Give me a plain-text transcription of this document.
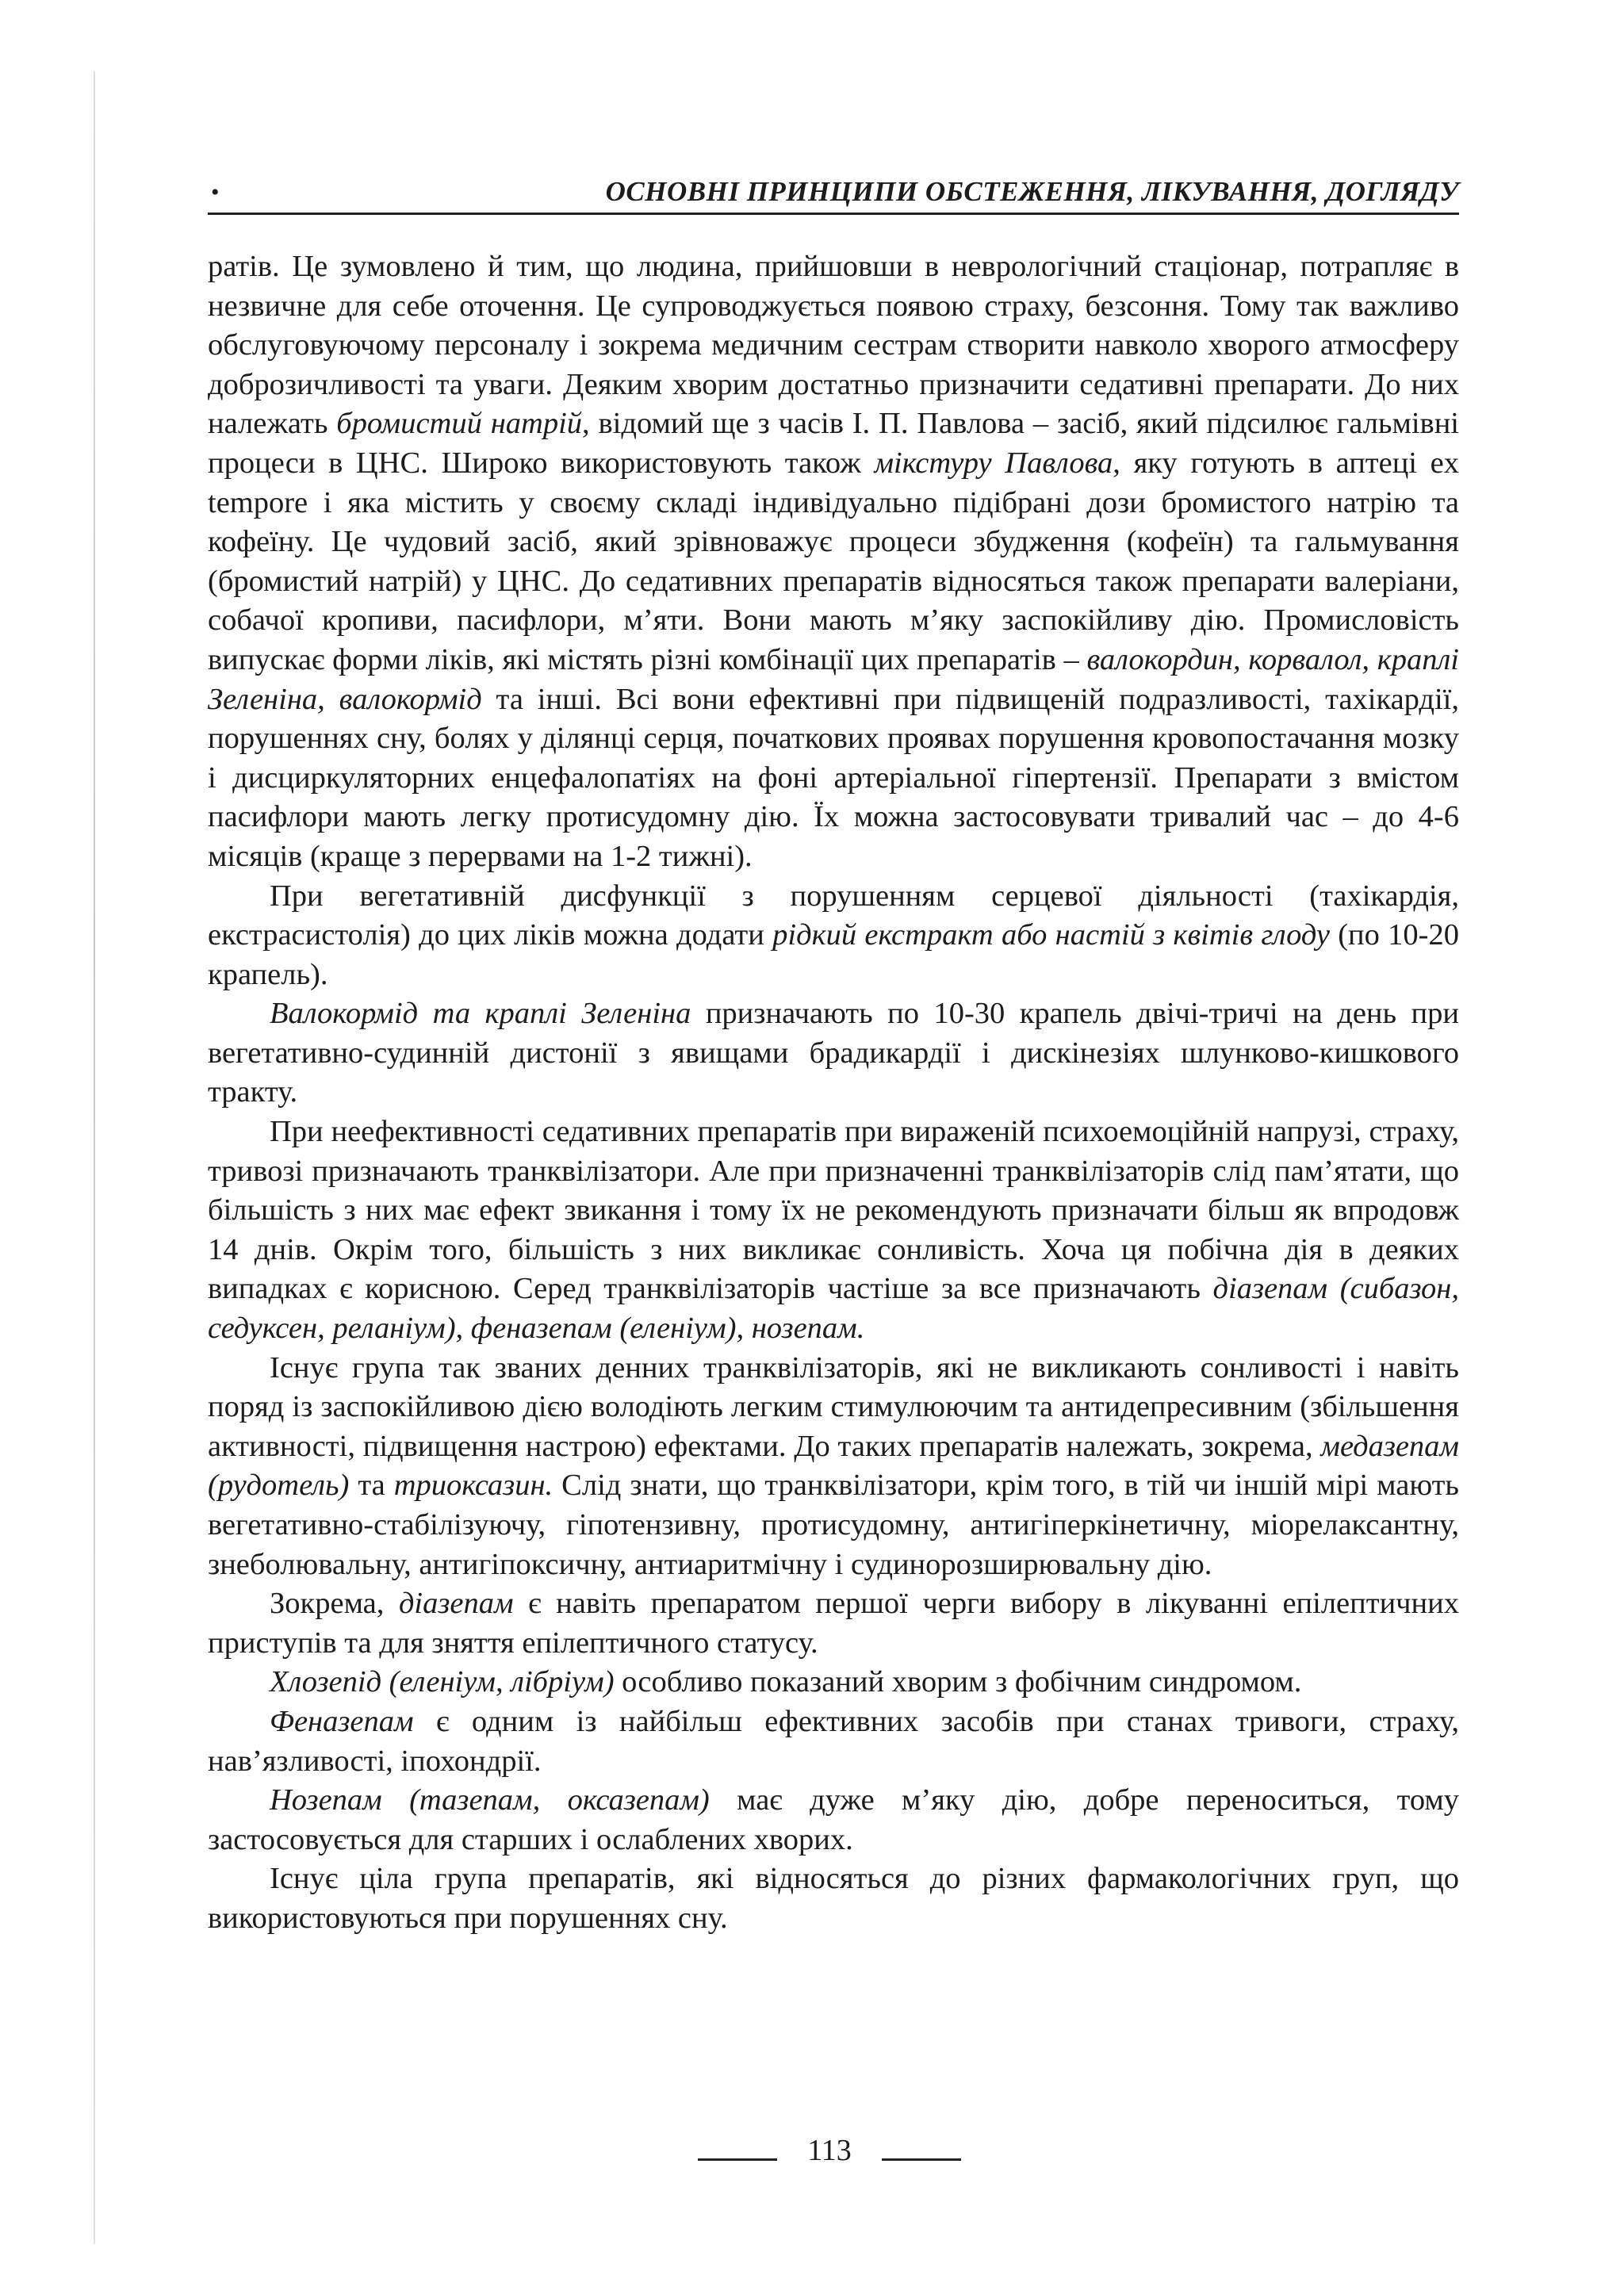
•	ОСНОВНІ ПРИНЦИПИ ОБСТЕЖЕННЯ, ЛІКУВАННЯ, ДОГЛЯДУ

ратів. Це зумовлено й тим, що людина, прийшовши в неврологічний стаціонар, потрапляє в незвичне для себе оточення. Це супроводжується появою страху, безсоння. Тому так важливо обслуговуючому персоналу і зокрема медичним сестрам створити навколо хворого атмосферу доброзичливості та уваги. Деяким хворим достатньо призначити седативні препарати. До них належать бромистий натрій, відомий ще з часів І. П. Павлова – засіб, який підсилює гальмівні процеси в ЦНС. Широко використовують також мікстуру Павлова, яку готують в аптеці ex tempore і яка містить у своєму складі індивідуально підібрані дози бромистого натрію та кофеїну. Це чудовий засіб, який зрівноважує процеси збудження (кофеїн) та гальмування (бромистий натрій) у ЦНС. До седативних препаратів відносяться також препарати валеріани, собачої кропиви, пасифлори, м’яти. Вони мають м’яку заспокійливу дію. Промисловість випускає форми ліків, які містять різні комбінації цих препаратів – валокордин, корвалол, краплі Зеленіна, валокормід та інші. Всі вони ефективні при підвищеній подразливості, тахікардії, порушеннях сну, болях у ділянці серця, початкових проявах порушення кровопостачання мозку і дисциркуляторних енцефалопатіях на фоні артеріальної гіпертензії. Препарати з вмістом пасифлори мають легку протисудомну дію. Їх можна застосовувати тривалий час – до 4-6 місяців (краще з перервами на 1-2 тижні).

При вегетативній дисфункції з порушенням серцевої діяльності (тахікардія, екстрасистолія) до цих ліків можна додати рідкий екстракт або настій з квітів глоду (по 10-20 крапель).

Валокормід та краплі Зеленіна призначають по 10-30 крапель двічі-тричі на день при вегетативно-судинній дистонії з явищами брадикардії і дискінезіях шлунково-кишкового тракту.

При неефективності седативних препаратів при вираженій психоемоційній напрузі, страху, тривозі призначають транквілізатори. Але при призначенні транквілізаторів слід пам’ятати, що більшість з них має ефект звикання і тому їх не рекомендують призначати більш як впродовж 14 днів. Окрім того, більшість з них викликає сонливість. Хоча ця побічна дія в деяких випадках є корисною. Серед транквілізаторів частіше за все призначають діазепам (сибазон, седуксен, реланіум), феназепам (еленіум), нозепам.

Існує група так званих денних транквілізаторів, які не викликають сонливості і навіть поряд із заспокійливою дією володіють легким стимулюючим та антидепресивним (збільшення активності, підвищення настрою) ефектами. До таких препаратів належать, зокрема, медазепам (рудотель) та триоксазин. Слід знати, що транквілізатори, крім того, в тій чи іншій мірі мають вегетативно-стабілізуючу, гіпотензивну, протисудомну, антигіперкінетичну, міорелаксантну, знеболювальну, антигіпоксичну, антиаритмічну і судинорозширювальну дію.

Зокрема, діазепам є навіть препаратом першої черги вибору в лікуванні епілептичних приступів та для зняття епілептичного статусу.

Хлозепід (еленіум, лібріум) особливо показаний хворим з фобічним синдромом.

Феназепам є одним із найбільш ефективних засобів при станах тривоги, страху, нав’язливості, іпохондрії.

Нозепам (тазепам, оксазепам) має дуже м’яку дію, добре переноситься, тому застосовується для старших і ослаблених хворих.

Існує ціла група препаратів, які відносяться до різних фармакологічних груп, що використовуються при порушеннях сну.

113
